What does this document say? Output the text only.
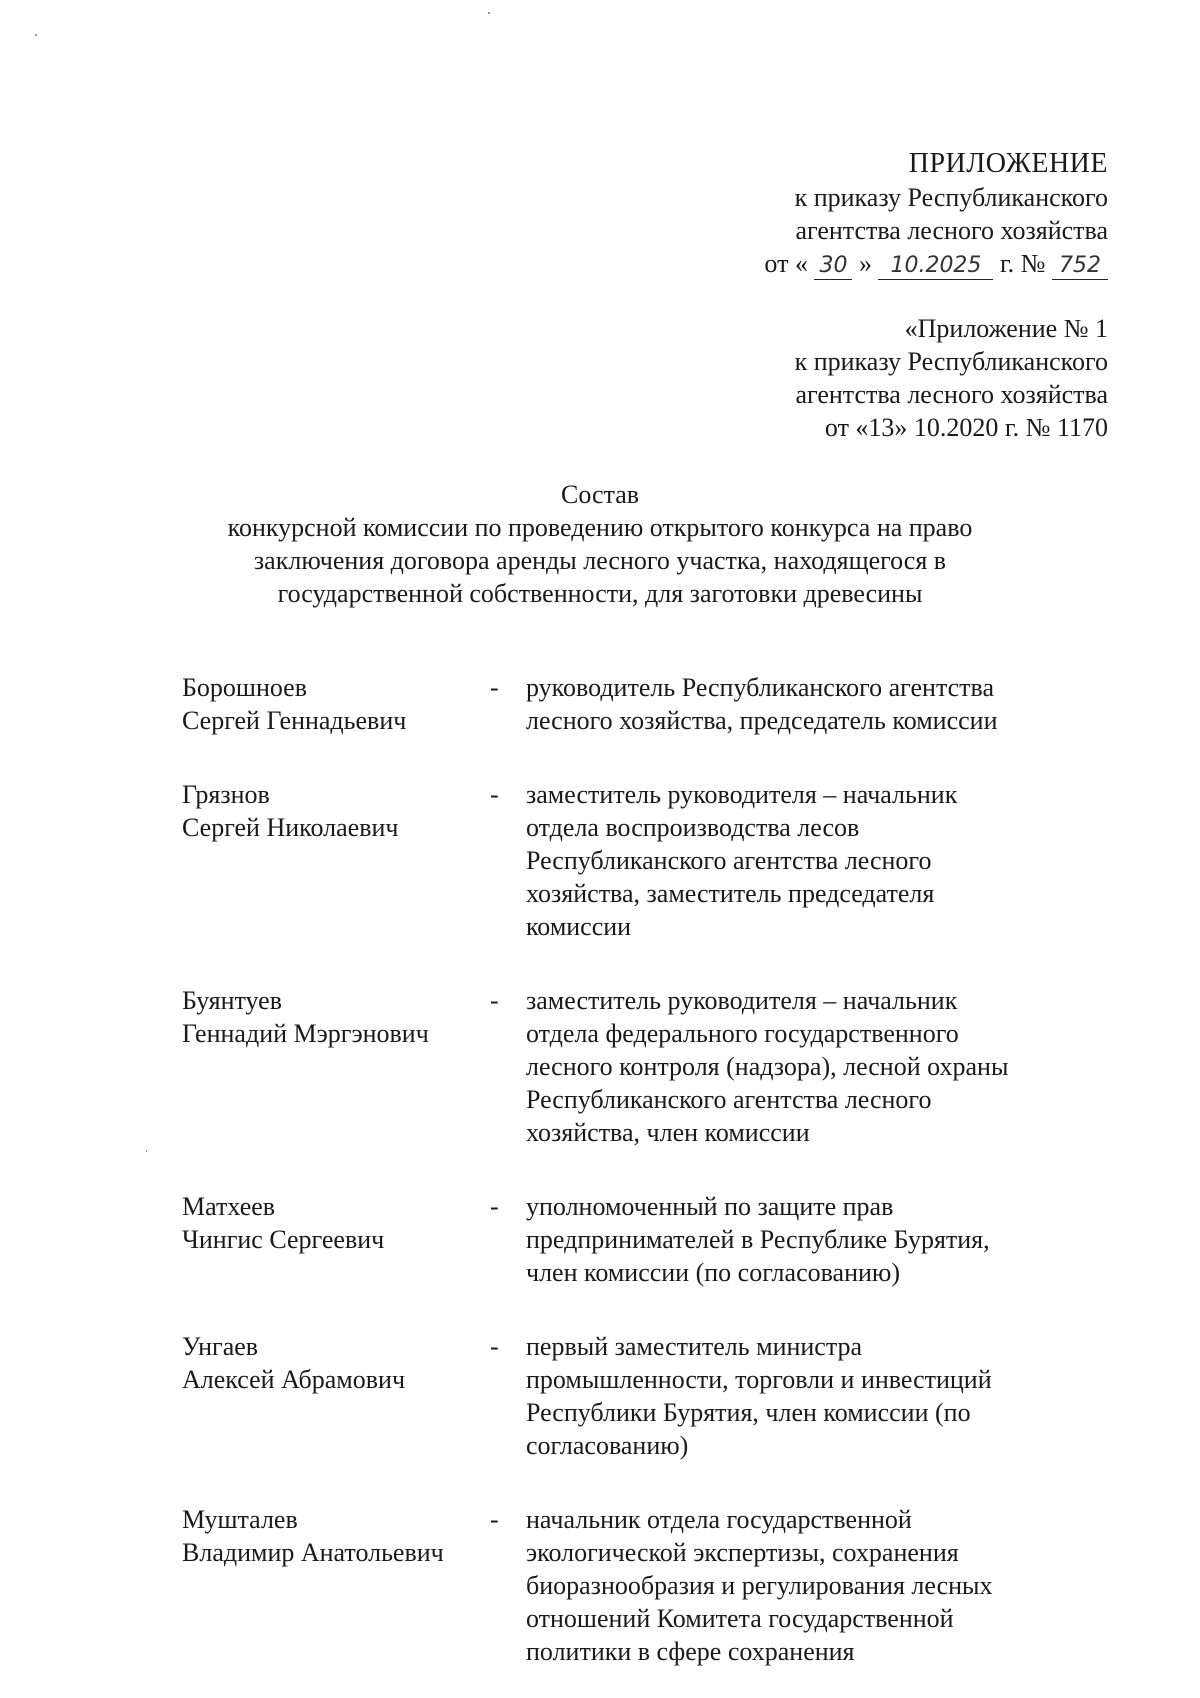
ПРИЛОЖЕНИЕ
к приказу Республиканского
агентства лесного хозяйства
от « 30 » 10.2025 г. № 752
«Приложение № 1
к приказу Республиканского
агентства лесного хозяйства
от «13» 10.2020 г. № 1170
Состав
конкурсной комиссии по проведению открытого конкурса на право
заключения договора аренды лесного участка, находящегося в
государственной собственности, для заготовки древесины
Борошноев
Сергей Геннадьевич
-	руководитель Республиканского агентства
лесного хозяйства, председатель комиссии
Грязнов
Сергей Николаевич
-	заместитель руководителя – начальник
отдела воспроизводства лесов
Республиканского агентства лесного
хозяйства, заместитель председателя
комиссии
Буянтуев
Геннадий Мэргэнович
-	заместитель руководителя – начальник
отдела федерального государственного
лесного контроля (надзора), лесной охраны
Республиканского агентства лесного
хозяйства, член комиссии
Матхеев
Чингис Сергеевич
-	уполномоченный по защите прав
предпринимателей в Республике Бурятия,
член комиссии (по согласованию)
Унгаев
Алексей Абрамович
-	первый заместитель министра
промышленности, торговли и инвестиций
Республики Бурятия, член комиссии (по
согласованию)
Мушталев
Владимир Анатольевич
-	начальник отдела государственной
экологической экспертизы, сохранения
биоразнообразия и регулирования лесных
отношений Комитета государственной
политики в сфере сохранения
